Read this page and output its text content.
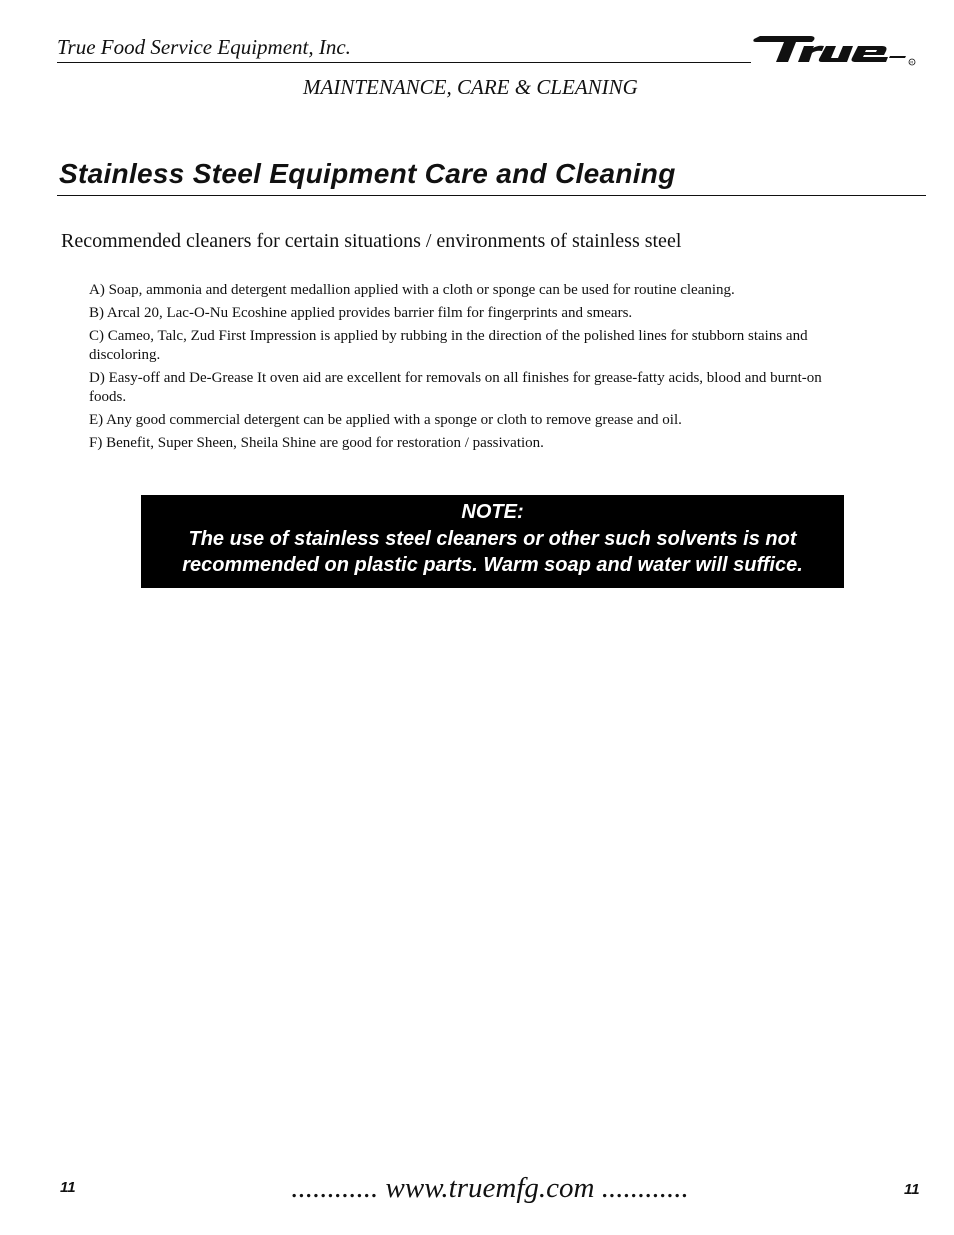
True Food Service Equipment, Inc.
R
MAINTENANCE, CARE & CLEANING
Stainless Steel Equipment Care and Cleaning
Recommended cleaners for certain situations / environments of stainless steel
A) Soap, ammonia and detergent medallion applied with a cloth or sponge can be used for routine cleaning.
B) Arcal 20, Lac-O-Nu Ecoshine applied provides barrier film for fingerprints and smears.
C) Cameo, Talc, Zud First Impression is applied by rubbing in the direction of the polished lines for stubborn stains and discoloring.
D) Easy-off and De-Grease It oven aid are excellent for removals on all finishes for grease-fatty acids, blood and burnt-on foods.
E) Any good commercial detergent can be applied with a sponge or cloth to remove grease and oil.
F) Benefit, Super Sheen, Sheila Shine are good for restoration / passivation.
NOTE:
The use of stainless steel cleaners or other such solvents is not
recommended on plastic parts. Warm soap and water will suffice.
11	............ www.truemfg.com ............	11
